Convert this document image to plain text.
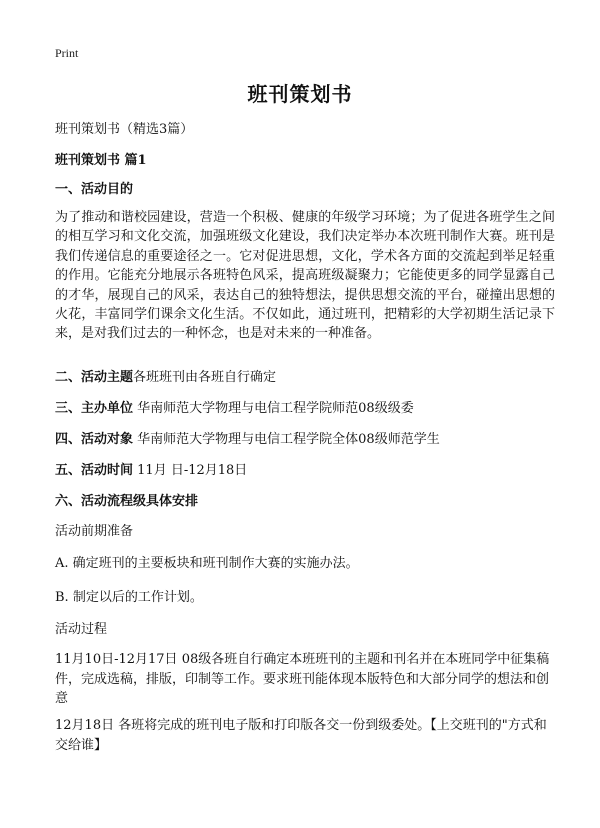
Print
班刊策划书
班刊策划书（精选3篇）
班刊策划书 篇1
一、活动目的
为了推动和谐校园建设，营造一个积极、健康的年级学习环境；为了促进各班学生之间的相互学习和文化交流，加强班级文化建设，我们决定举办本次班刊制作大赛。班刊是我们传递信息的重要途径之一。它对促进思想，文化，学术各方面的交流起到举足轻重的作用。它能充分地展示各班特色风采，提高班级凝聚力；它能使更多的同学显露自己的才华，展现自己的风采，表达自己的独特想法，提供思想交流的平台，碰撞出思想的火花，丰富同学们课余文化生活。不仅如此，通过班刊，把精彩的大学初期生活记录下来，是对我们过去的一种怀念，也是对未来的一种准备。
二、活动主题各班班刊由各班自行确定
三、主办单位 华南师范大学物理与电信工程学院师范08级级委
四、活动对象 华南师范大学物理与电信工程学院全体08级师范学生
五、活动时间 11月 日-12月18日
六、活动流程级具体安排
活动前期准备
A. 确定班刊的主要板块和班刊制作大赛的实施办法。
B. 制定以后的工作计划。
活动过程
11月10日-12月17日 08级各班自行确定本班班刊的主题和刊名并在本班同学中征集稿件，完成选稿，排版，印制等工作。要求班刊能体现本版特色和大部分同学的想法和创意
12月18日 各班将完成的班刊电子版和打印版各交一份到级委处。【上交班刊的"方式和交给谁】
